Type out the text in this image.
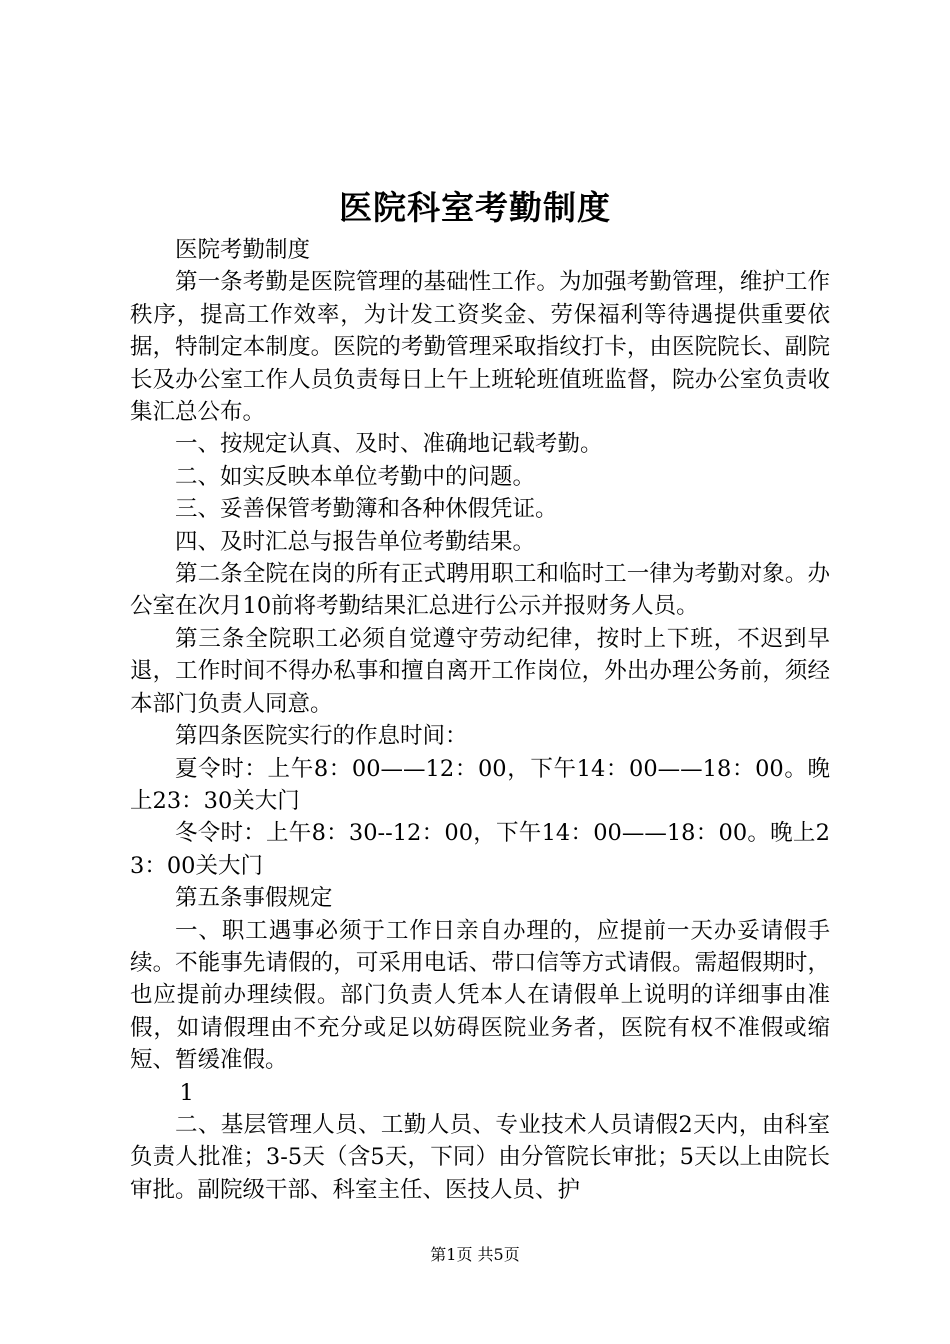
医院科室考勤制度

医院考勤制度

第一条考勤是医院管理的基础性工作。为加强考勤管理，维护工作秩序，提高工作效率，为计发工资奖金、劳保福利等待遇提供重要依据，特制定本制度。医院的考勤管理采取指纹打卡，由医院院长、副院长及办公室工作人员负责每日上午上班轮班值班监督，院办公室负责收集汇总公布。

一、按规定认真、及时、准确地记载考勤。

二、如实反映本单位考勤中的问题。

三、妥善保管考勤簿和各种休假凭证。

四、及时汇总与报告单位考勤结果。

第二条全院在岗的所有正式聘用职工和临时工一律为考勤对象。办公室在次月10前将考勤结果汇总进行公示并报财务人员。

第三条全院职工必须自觉遵守劳动纪律，按时上下班，不迟到早退，工作时间不得办私事和擅自离开工作岗位，外出办理公务前，须经本部门负责人同意。

第四条医院实行的作息时间：

夏令时：上午8：00——12：00，下午14：00——18：00。晚上23：30关大门

冬令时：上午8：30--12：00，下午14：00——18：00。晚上23：00关大门

第五条事假规定

一、职工遇事必须于工作日亲自办理的，应提前一天办妥请假手续。不能事先请假的，可采用电话、带口信等方式请假。需超假期时，也应提前办理续假。部门负责人凭本人在请假单上说明的详细事由准假，如请假理由不充分或足以妨碍医院业务者，医院有权不准假或缩短、暂缓准假。

1

二、基层管理人员、工勤人员、专业技术人员请假2天内，由科室负责人批准；3-5天（含5天，下同）由分管院长审批；5天以上由院长审批。副院级干部、科室主任、医技人员、护

第1页 共5页
